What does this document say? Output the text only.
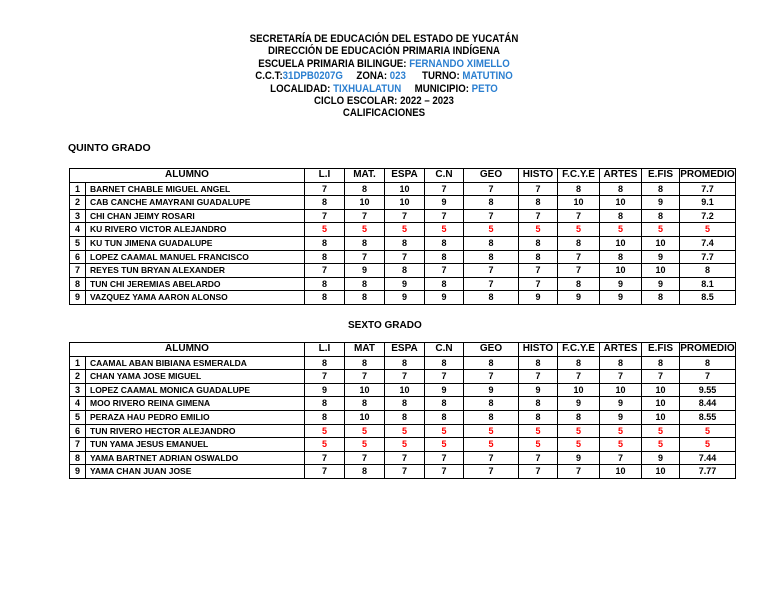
SECRETARÍA DE EDUCACIÓN DEL ESTADO DE YUCATÁN
DIRECCIÓN DE EDUCACIÓN PRIMARIA INDÍGENA
ESCUELA PRIMARIA BILINGUE: FERNANDO XIMELLO
C.C.T:31DPB0207G ZONA: 023 TURNO: MATUTINO
LOCALIDAD: TIXHUALATUN MUNICIPIO: PETO
CICLO ESCOLAR: 2022 – 2023
CALIFICACIONES
QUINTO GRADO
ALUMNO		L.I	MAT.	ESPA	C.N	GEO	HISTO	F.C.Y.E	ARTES	E.FIS	PROMEDIO
1	BARNET CHABLE MIGUEL ANGEL	7	8	10	7	7	7	8	8	8	7.7
2	CAB CANCHE AMAYRANI GUADALUPE	8	10	10	9	8	8	10	10	9	9.1
3	CHI CHAN JEIMY ROSARI	7	7	7	7	7	7	7	8	8	7.2
4	KU RIVERO VICTOR ALEJANDRO	5	5	5	5	5	5	5	5	5	5
5	KU TUN JIMENA GUADALUPE	8	8	8	8	8	8	8	10	10	7.4
6	LOPEZ CAAMAL MANUEL FRANCISCO	8	7	7	8	8	8	7	8	9	7.7
7	REYES TUN BRYAN ALEXANDER	7	9	8	7	7	7	7	10	10	8
8	TUN CHI JEREMIAS ABELARDO	8	8	9	8	7	7	8	9	9	8.1
9	VAZQUEZ YAMA AARON ALONSO	8	8	9	9	8	9	9	9	8	8.5
SEXTO GRADO
ALUMNO		L.I	MAT	ESPA	C.N	GEO	HISTO	F.C.Y.E	ARTES	E.FIS	PROMEDIO
1	CAAMAL ABAN BIBIANA ESMERALDA	8	8	8	8	8	8	8	8	8	8
2	CHAN YAMA JOSE MIGUEL	7	7	7	7	7	7	7	7	7	7
3	LOPEZ CAAMAL MONICA GUADALUPE	9	10	10	9	9	9	10	10	10	9.55
4	MOO RIVERO REINA GIMENA	8	8	8	8	8	8	9	9	10	8.44
5	PERAZA HAU PEDRO EMILIO	8	10	8	8	8	8	8	9	10	8.55
6	TUN RIVERO HECTOR ALEJANDRO	5	5	5	5	5	5	5	5	5	5
7	TUN YAMA JESUS EMANUEL	5	5	5	5	5	5	5	5	5	5
8	YAMA BARTNET ADRIAN OSWALDO	7	7	7	7	7	7	9	7	9	7.44
9	YAMA CHAN JUAN JOSE	7	8	7	7	7	7	7	10	10	7.77
